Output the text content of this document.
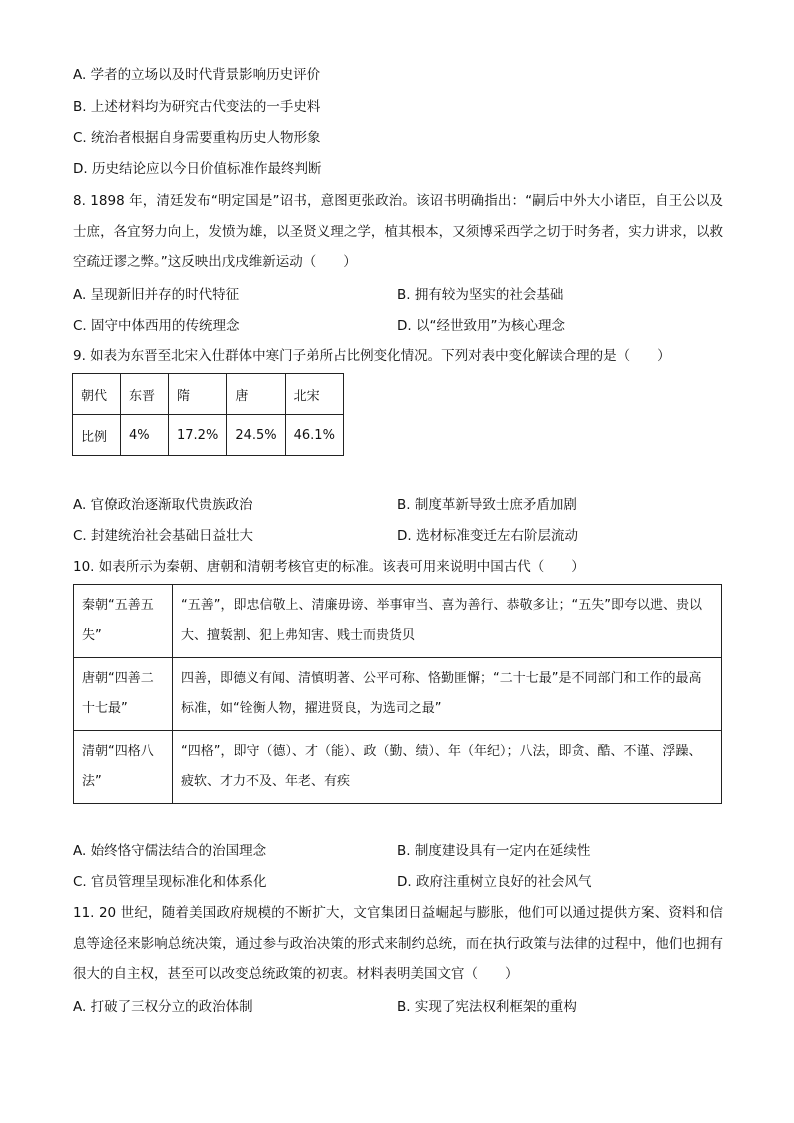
A. 学者的立场以及时代背景影响历史评价
B. 上述材料均为研究古代变法的一手史料
C. 统治者根据自身需要重构历史人物形象
D. 历史结论应以今日价值标准作最终判断
8. 1898 年，清廷发布“明定国是”诏书，意图更张政治。该诏书明确指出：“嗣后中外大小诸臣，自王公以及士庶，各宜努力向上，发愤为雄，以圣贤义理之学，植其根本，又须博采西学之切于时务者，实力讲求，以救空疏迂谬之弊。”这反映出戊戌维新运动（　　）
A. 呈现新旧并存的时代特征	B. 拥有较为坚实的社会基础
C. 固守中体西用的传统理念	D. 以“经世致用”为核心理念
9. 如表为东晋至北宋入仕群体中寒门子弟所占比例变化情况。下列对表中变化解读合理的是（　　）
朝代	东晋	隋	唐	北宋
比例	4%	17.2%	24.5%	46.1%
A. 官僚政治逐渐取代贵族政治	B. 制度革新导致士庶矛盾加剧
C. 封建统治社会基础日益壮大	D. 选材标准变迁左右阶层流动
10. 如表所示为秦朝、唐朝和清朝考核官吏的标准。该表可用来说明中国古代（　　）
秦朝“五善五失”	“五善”，即忠信敬上、清廉毋谤、举事审当、喜为善行、恭敬多让；“五失”即夸以迣、贵以大、擅裚割、犯上弗知害、贱士而贵货贝
唐朝“四善二十七最”	四善，即德义有闻、清慎明著、公平可称、恪勤匪懈；“二十七最”是不同部门和工作的最高标准，如“铨衡人物，擢进贤良，为选司之最”
清朝“四格八法”	“四格”，即守（德）、才（能）、政（勤、绩）、年（年纪）；八法，即贪、酷、不谨、浮躁、疲软、才力不及、年老、有疾
A. 始终恪守儒法结合的治国理念	B. 制度建设具有一定内在延续性
C. 官员管理呈现标准化和体系化	D. 政府注重树立良好的社会风气
11. 20 世纪，随着美国政府规模的不断扩大，文官集团日益崛起与膨胀，他们可以通过提供方案、资料和信息等途径来影响总统决策，通过参与政治决策的形式来制约总统，而在执行政策与法律的过程中，他们也拥有很大的自主权，甚至可以改变总统政策的初衷。材料表明美国文官（　　）
A. 打破了三权分立的政治体制	B. 实现了宪法权利框架的重构
